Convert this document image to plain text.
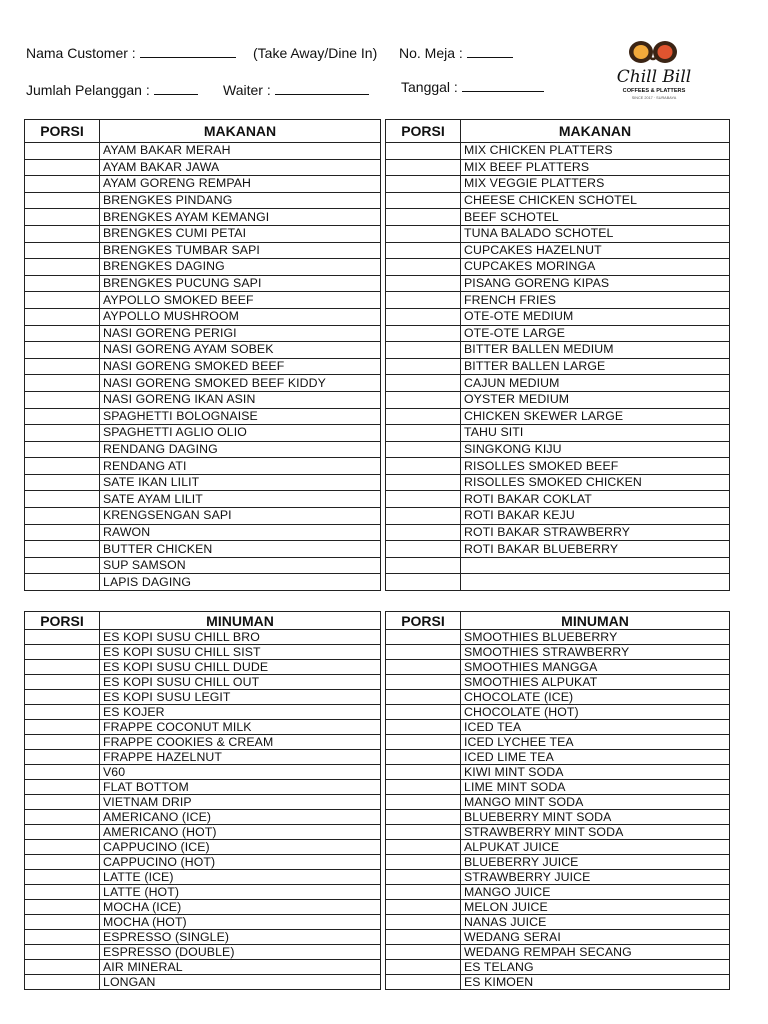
Nama Customer :	(Take Away/Dine In) No. Meja :
Jumlah Pelanggan :	Waiter :	Tanggal :	Chill Bill
COFFEES & PLATTERS
SINCE 2017 · SURABAYA
PORSI	MAKANAN
	AYAM BAKAR MERAH
	AYAM BAKAR JAWA
	AYAM GORENG REMPAH
	BRENGKES PINDANG
	BRENGKES AYAM KEMANGI
	BRENGKES CUMI PETAI
	BRENGKES TUMBAR SAPI
	BRENGKES DAGING
	BRENGKES PUCUNG SAPI
	AYPOLLO SMOKED BEEF
	AYPOLLO MUSHROOM
	NASI GORENG PERIGI
	NASI GORENG AYAM SOBEK
	NASI GORENG SMOKED BEEF
	NASI GORENG SMOKED BEEF KIDDY
	NASI GORENG IKAN ASIN
	SPAGHETTI BOLOGNAISE
	SPAGHETTI AGLIO OLIO
	RENDANG DAGING
	RENDANG ATI
	SATE IKAN LILIT
	SATE AYAM LILIT
	KRENGSENGAN SAPI
	RAWON
	BUTTER CHICKEN
	SUP SAMSON
	LAPIS DAGING
PORSI	MAKANAN
	MIX CHICKEN PLATTERS
	MIX BEEF PLATTERS
	MIX VEGGIE PLATTERS
	CHEESE CHICKEN SCHOTEL
	BEEF SCHOTEL
	TUNA BALADO SCHOTEL
	CUPCAKES HAZELNUT
	CUPCAKES MORINGA
	PISANG GORENG KIPAS
	FRENCH FRIES
	OTE-OTE MEDIUM
	OTE-OTE LARGE
	BITTER BALLEN MEDIUM
	BITTER BALLEN LARGE
	CAJUN MEDIUM
	OYSTER MEDIUM
	CHICKEN SKEWER LARGE
	TAHU SITI
	SINGKONG KIJU
	RISOLLES SMOKED BEEF
	RISOLLES SMOKED CHICKEN
	ROTI BAKAR COKLAT
	ROTI BAKAR KEJU
	ROTI BAKAR STRAWBERRY
	ROTI BAKAR BLUEBERRY

PORSI	MINUMAN
	ES KOPI SUSU CHILL BRO
	ES KOPI SUSU CHILL SIST
	ES KOPI SUSU CHILL DUDE
	ES KOPI SUSU CHILL OUT
	ES KOPI SUSU LEGIT
	ES KOJER
	FRAPPE COCONUT MILK
	FRAPPE COOKIES & CREAM
	FRAPPE HAZELNUT
	V60
	FLAT BOTTOM
	VIETNAM DRIP
	AMERICANO (ICE)
	AMERICANO (HOT)
	CAPPUCINO (ICE)
	CAPPUCINO (HOT)
	LATTE (ICE)
	LATTE (HOT)
	MOCHA (ICE)
	MOCHA (HOT)
	ESPRESSO (SINGLE)
	ESPRESSO (DOUBLE)
	AIR MINERAL
	LONGAN
PORSI	MINUMAN
	SMOOTHIES BLUEBERRY
	SMOOTHIES STRAWBERRY
	SMOOTHIES MANGGA
	SMOOTHIES ALPUKAT
	CHOCOLATE (ICE)
	CHOCOLATE (HOT)
	ICED TEA
	ICED LYCHEE TEA
	ICED LIME TEA
	KIWI MINT SODA
	LIME MINT SODA
	MANGO MINT SODA
	BLUEBERRY MINT SODA
	STRAWBERRY MINT SODA
	ALPUKAT JUICE
	BLUEBERRY JUICE
	STRAWBERRY JUICE
	MANGO JUICE
	MELON JUICE
	NANAS JUICE
	WEDANG SERAI
	WEDANG REMPAH SECANG
	ES TELANG
	ES KIMOEN
